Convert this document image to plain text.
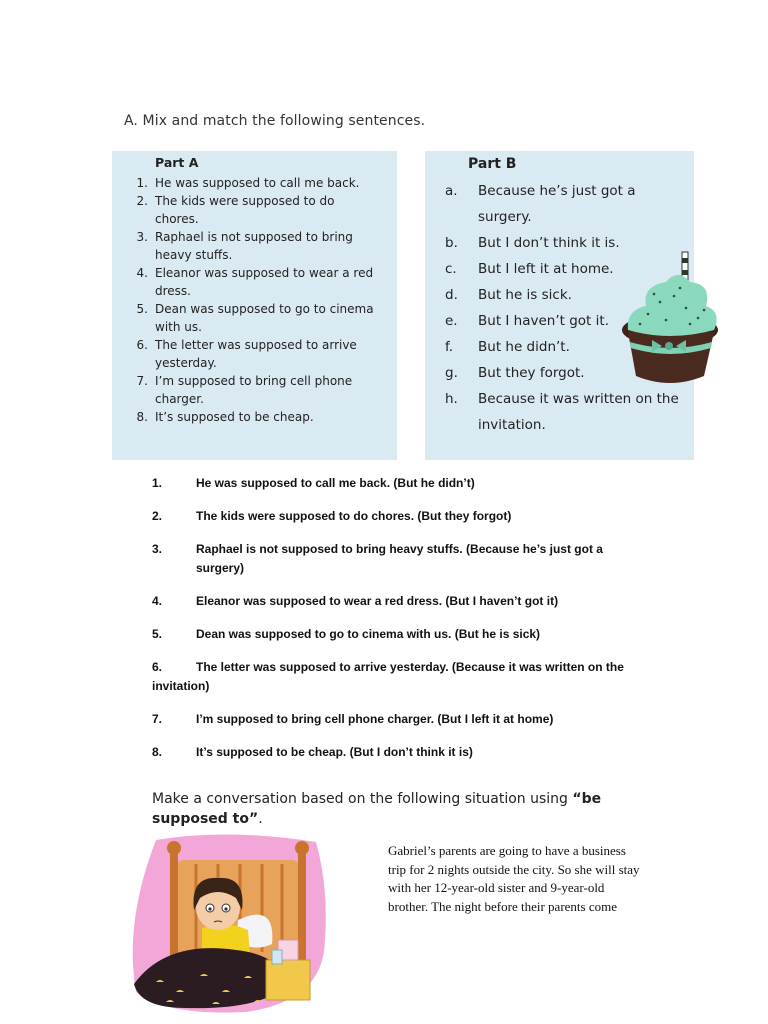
A. Mix and match the following sentences.
Part A
1. He was supposed to call me back.
2. The kids were supposed to do
chores.
3. Raphael is not supposed to bring
heavy stuffs.
4. Eleanor was supposed to wear a red
dress.
5. Dean was supposed to go to cinema
with us.
6. The letter was supposed to arrive
yesterday.
7. I’m supposed to bring cell phone
charger.
8. It’s supposed to be cheap.
Part B
a. Because he’s just got a
surgery.
b. But I don’t think it is.
c. But I left it at home.
d. But he is sick.
e. But I haven’t got it.
f. But he didn’t.
g. But they forgot.
h. Because it was written on the
invitation.
1.	He was supposed to call me back. (But he didn’t)
2.	The kids were supposed to do chores. (But they forgot)
3.	Raphael is not supposed to bring heavy stuffs. (Because he’s just got a surgery)
4.	Eleanor was supposed to wear a red dress. (But I haven’t got it)
5.	Dean was supposed to go to cinema with us. (But he is sick)
6.	The letter was supposed to arrive yesterday. (Because it was written on the
invitation)
7.	I’m supposed to bring cell phone charger. (But I left it at home)
8.	It’s supposed to be cheap. (But I don’t think it is)
Make a conversation based on the following situation using “be supposed to”.
Gabriel’s parents are going to have a business
trip for 2 nights outside the city. So she will stay
with her 12-year-old sister and 9-year-old
brother. The night before their parents come
